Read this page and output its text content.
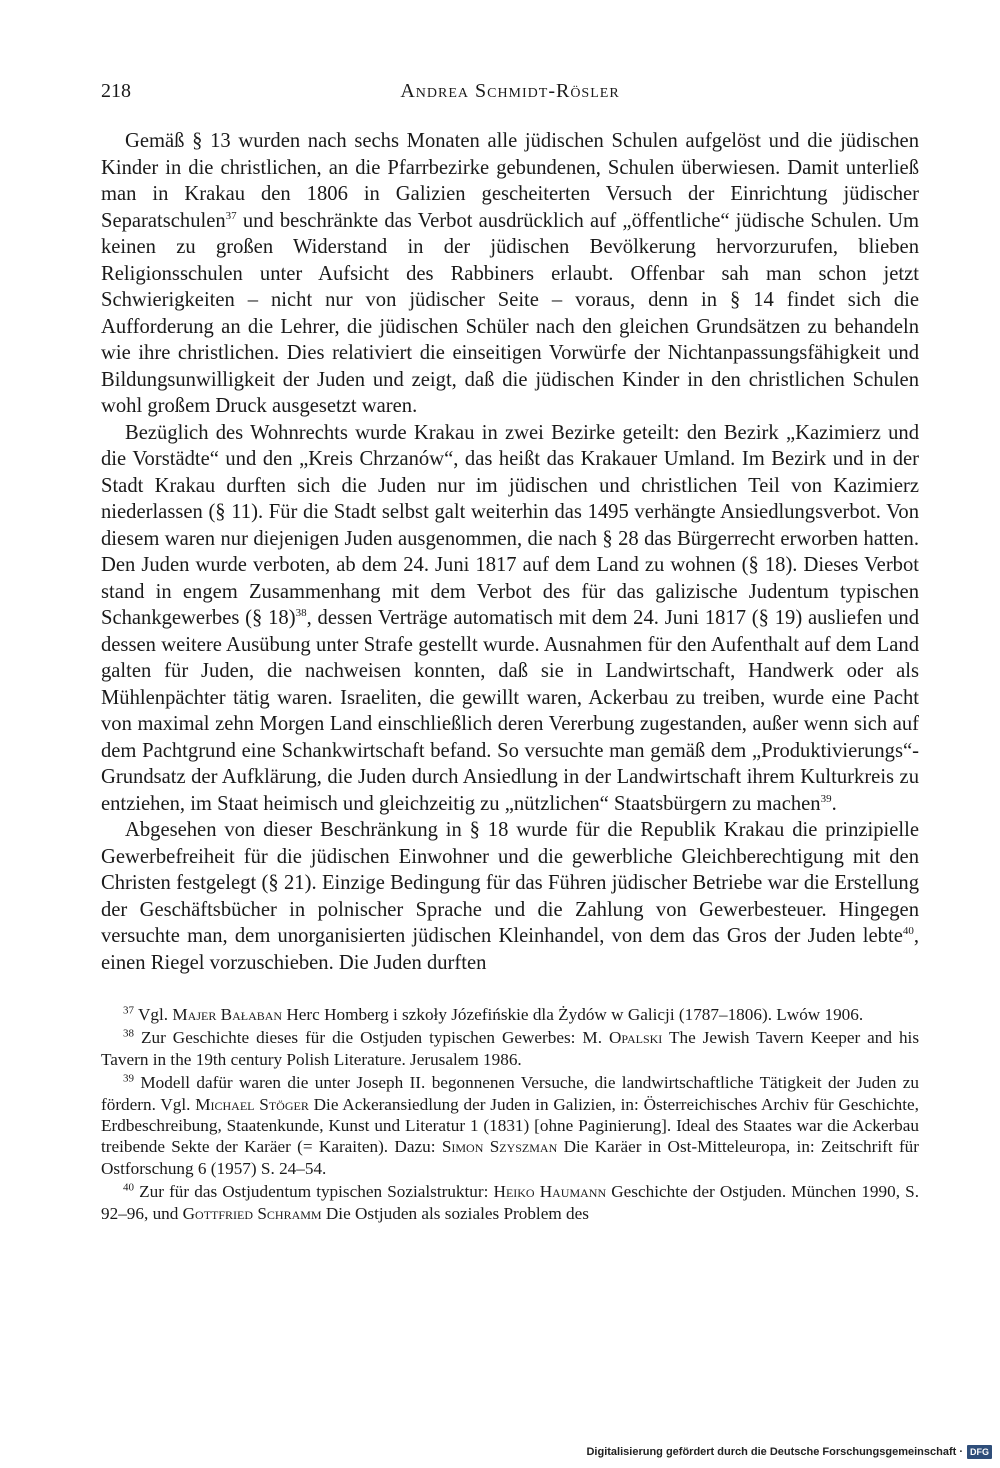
218	Andrea Schmidt-Rösler

Gemäß § 13 wurden nach sechs Monaten alle jüdischen Schulen aufgelöst und die jüdischen Kinder in die christlichen, an die Pfarrbezirke gebundenen, Schulen überwiesen. Damit unterließ man in Krakau den 1806 in Galizien gescheiterten Versuch der Einrichtung jüdischer Separatschulen$^{37}$ und beschränkte das Verbot ausdrücklich auf „öffentliche“ jüdische Schulen. Um keinen zu großen Widerstand in der jüdischen Bevölkerung hervorzurufen, blieben Religionsschulen unter Aufsicht des Rabbiners erlaubt. Offenbar sah man schon jetzt Schwierigkeiten – nicht nur von jüdischer Seite – voraus, denn in § 14 findet sich die Aufforderung an die Lehrer, die jüdischen Schüler nach den gleichen Grundsätzen zu behandeln wie ihre christlichen. Dies relativiert die einseitigen Vorwürfe der Nichtanpassungsfähigkeit und Bildungsunwilligkeit der Juden und zeigt, daß die jüdischen Kinder in den christlichen Schulen wohl großem Druck ausgesetzt waren.

Bezüglich des Wohnrechts wurde Krakau in zwei Bezirke geteilt: den Bezirk „Kazimierz und die Vorstädte“ und den „Kreis Chrzanów“, das heißt das Krakauer Umland. Im Bezirk und in der Stadt Krakau durften sich die Juden nur im jüdischen und christlichen Teil von Kazimierz niederlassen (§ 11). Für die Stadt selbst galt weiterhin das 1495 verhängte Ansiedlungsverbot. Von diesem waren nur diejenigen Juden ausgenommen, die nach § 28 das Bürgerrecht erworben hatten. Den Juden wurde verboten, ab dem 24. Juni 1817 auf dem Land zu wohnen (§ 18). Dieses Verbot stand in engem Zusammenhang mit dem Verbot des für das galizische Judentum typischen Schankgewerbes (§ 18)$^{38}$, dessen Verträge automatisch mit dem 24. Juni 1817 (§ 19) ausliefen und dessen weitere Ausübung unter Strafe gestellt wurde. Ausnahmen für den Aufenthalt auf dem Land galten für Juden, die nachweisen konnten, daß sie in Landwirtschaft, Handwerk oder als Mühlenpächter tätig waren. Israeliten, die gewillt waren, Ackerbau zu treiben, wurde eine Pacht von maximal zehn Morgen Land einschließlich deren Vererbung zugestanden, außer wenn sich auf dem Pachtgrund eine Schankwirtschaft befand. So versuchte man gemäß dem „Produktivierungs“-Grundsatz der Aufklärung, die Juden durch Ansiedlung in der Landwirtschaft ihrem Kulturkreis zu entziehen, im Staat heimisch und gleichzeitig zu „nützlichen“ Staatsbürgern zu machen$^{39}$.

Abgesehen von dieser Beschränkung in § 18 wurde für die Republik Krakau die prinzipielle Gewerbefreiheit für die jüdischen Einwohner und die gewerbliche Gleichberechtigung mit den Christen festgelegt (§ 21). Einzige Bedingung für das Führen jüdischer Betriebe war die Erstellung der Geschäftsbücher in polnischer Sprache und die Zahlung von Gewerbesteuer. Hingegen versuchte man, dem unorganisierten jüdischen Kleinhandel, von dem das Gros der Juden lebte$^{40}$, einen Riegel vorzuschieben. Die Juden durften

$^{37}$ Vgl. Majer Bałaban Herc Homberg i szkoły Józefińskie dla Żydów w Galicji (1787–1806). Lwów 1906.

$^{38}$ Zur Geschichte dieses für die Ostjuden typischen Gewerbes: M. Opalski The Jewish Tavern Keeper and his Tavern in the 19th century Polish Literature. Jerusalem 1986.

$^{39}$ Modell dafür waren die unter Joseph II. begonnenen Versuche, die landwirtschaftliche Tätigkeit der Juden zu fördern. Vgl. Michael Stöger Die Ackeransiedlung der Juden in Galizien, in: Österreichisches Archiv für Geschichte, Erdbeschreibung, Staatenkunde, Kunst und Literatur 1 (1831) [ohne Paginierung]. Ideal des Staates war die Ackerbau treibende Sekte der Karäer (= Karaiten). Dazu: Simon Szyszman Die Karäer in Ost-Mitteleuropa, in: Zeitschrift für Ostforschung 6 (1957) S. 24–54.

$^{40}$ Zur für das Ostjudentum typischen Sozialstruktur: Heiko Haumann Geschichte der Ostjuden. München 1990, S. 92–96, und Gottfried Schramm Die Ostjuden als soziales Problem des

Digitalisierung gefördert durch die Deutsche Forschungsgemeinschaft · DFG
